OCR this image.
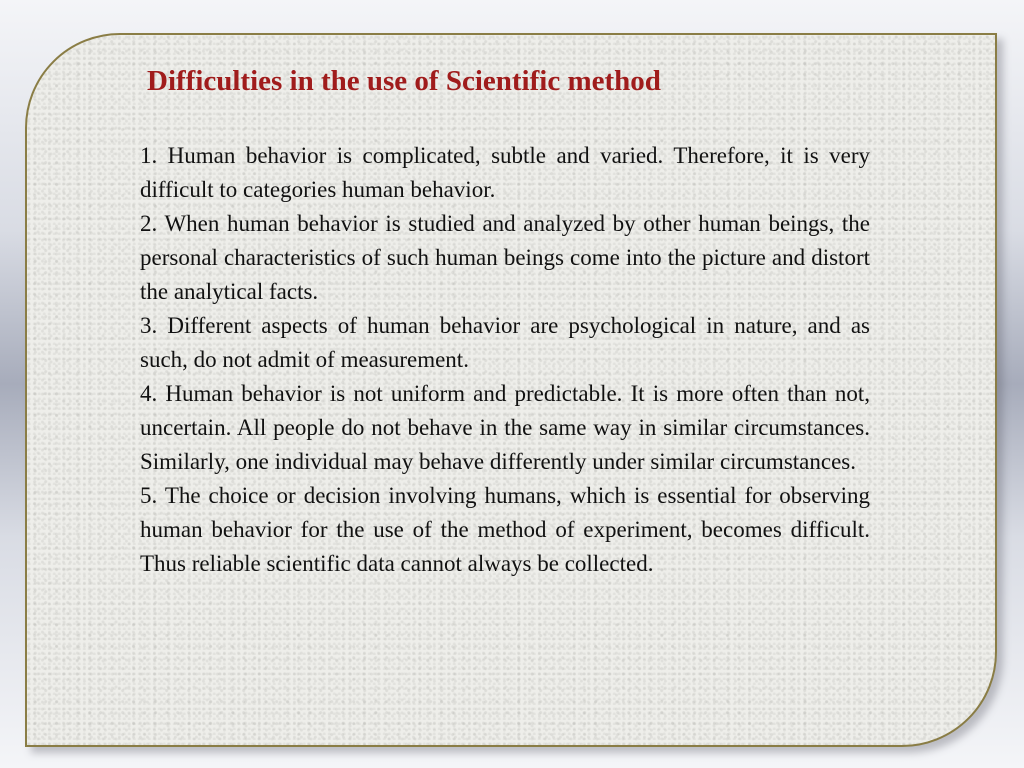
Difficulties in the use of Scientific method

1. Human behavior is complicated, subtle and varied. Therefore, it is very difficult to categories human behavior.

2. When human behavior is studied and analyzed by other human beings, the personal characteristics of such human beings come into the picture and distort the analytical facts.

3. Different aspects of human behavior are psychological in nature, and as such, do not admit of measurement.

4. Human behavior is not uniform and predictable. It is more often than not, uncertain. All people do not behave in the same way in similar circumstances. Similarly, one individual may behave differently under similar circumstances.

5. The choice or decision involving humans, which is essential for observing human behavior for the use of the method of experiment, becomes difficult. Thus reliable scientific data cannot always be collected.
